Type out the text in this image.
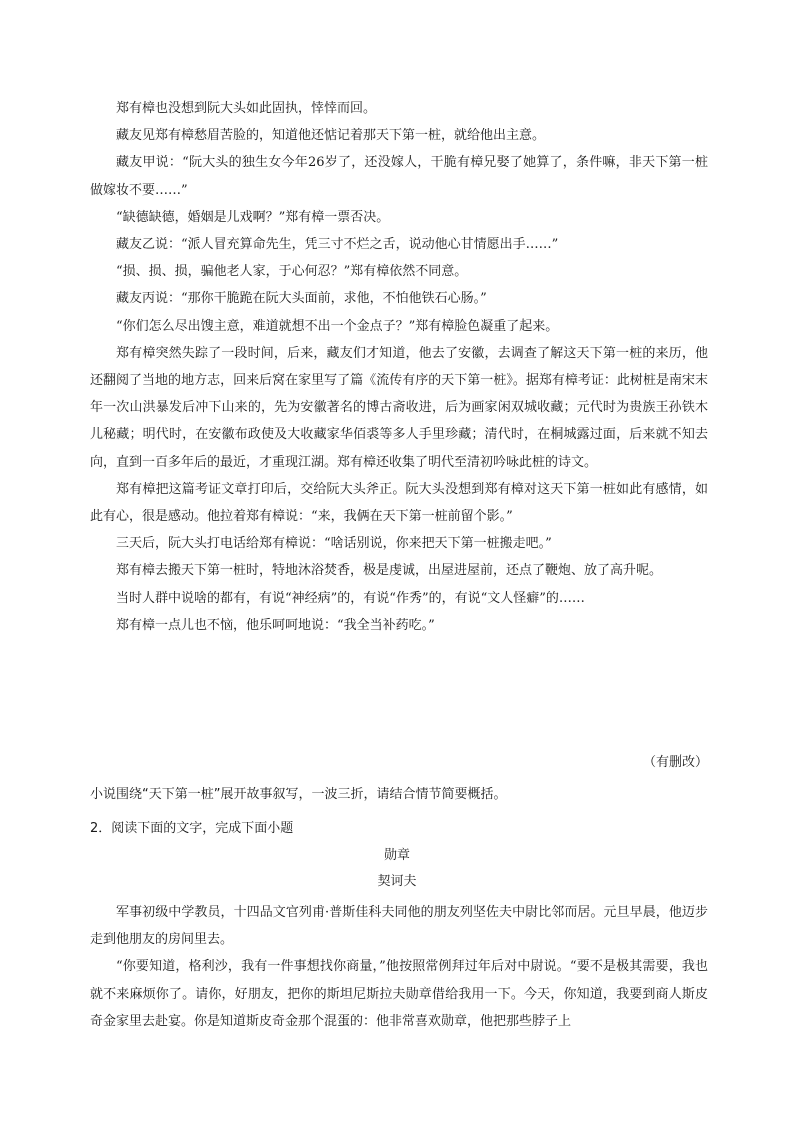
郑有樟也没想到阮大头如此固执，悻悻而回。

藏友见郑有樟愁眉苦脸的，知道他还惦记着那天下第一桩，就给他出主意。

藏友甲说：“阮大头的独生女今年26岁了，还没嫁人，干脆有樟兄娶了她算了，条件嘛，非天下第一桩做嫁妆不要……”

“缺德缺德，婚姻是儿戏啊？”郑有樟一票否决。

藏友乙说：“派人冒充算命先生，凭三寸不烂之舌，说动他心甘情愿出手……”

“损、损、损，骗他老人家，于心何忍？”郑有樟依然不同意。

藏友丙说：“那你干脆跪在阮大头面前，求他，不怕他铁石心肠。”

“你们怎么尽出馊主意，难道就想不出一个金点子？”郑有樟脸色凝重了起来。

郑有樟突然失踪了一段时间，后来，藏友们才知道，他去了安徽，去调查了解这天下第一桩的来历，他还翻阅了当地的地方志，回来后窝在家里写了篇《流传有序的天下第一桩》。据郑有樟考证：此树桩是南宋末年一次山洪暴发后冲下山来的，先为安徽著名的博古斋收进，后为画家闲双城收藏；元代时为贵族王孙铁木儿秘藏；明代时，在安徽布政使及大收藏家华佰裘等多人手里珍藏；清代时，在桐城露过面，后来就不知去向，直到一百多年后的最近，才重现江湖。郑有樟还收集了明代至清初吟咏此桩的诗文。

郑有樟把这篇考证文章打印后，交给阮大头斧正。阮大头没想到郑有樟对这天下第一桩如此有感情，如此有心，很是感动。他拉着郑有樟说：“来，我俩在天下第一桩前留个影。”

三天后，阮大头打电话给郑有樟说：“啥话别说，你来把天下第一桩搬走吧。”

郑有樟去搬天下第一桩时，特地沐浴焚香，极是虔诚，出屋进屋前，还点了鞭炮、放了高升呢。

当时人群中说啥的都有，有说“神经病”的，有说“作秀”的，有说“文人怪癖”的……

郑有樟一点儿也不恼，他乐呵呵地说：“我全当补药吃。”

（有删改）
小说围绕“天下第一桩”展开故事叙写，一波三折，请结合情节简要概括。
2．阅读下面的文字，完成下面小题
勋章
契诃夫

军事初级中学教员，十四品文官列甫·普斯佳科夫同他的朋友列坚佐夫中尉比邻而居。元旦早晨，他迈步走到他朋友的房间里去。

“你要知道，格利沙，我有一件事想找你商量，”他按照常例拜过年后对中尉说。“要不是极其需要，我也就不来麻烦你了。请你，好朋友，把你的斯坦尼斯拉夫勋章借给我用一下。今天，你知道，我要到商人斯皮奇金家里去赴宴。你是知道斯皮奇金那个混蛋的：他非常喜欢勋章，他把那些脖子上
